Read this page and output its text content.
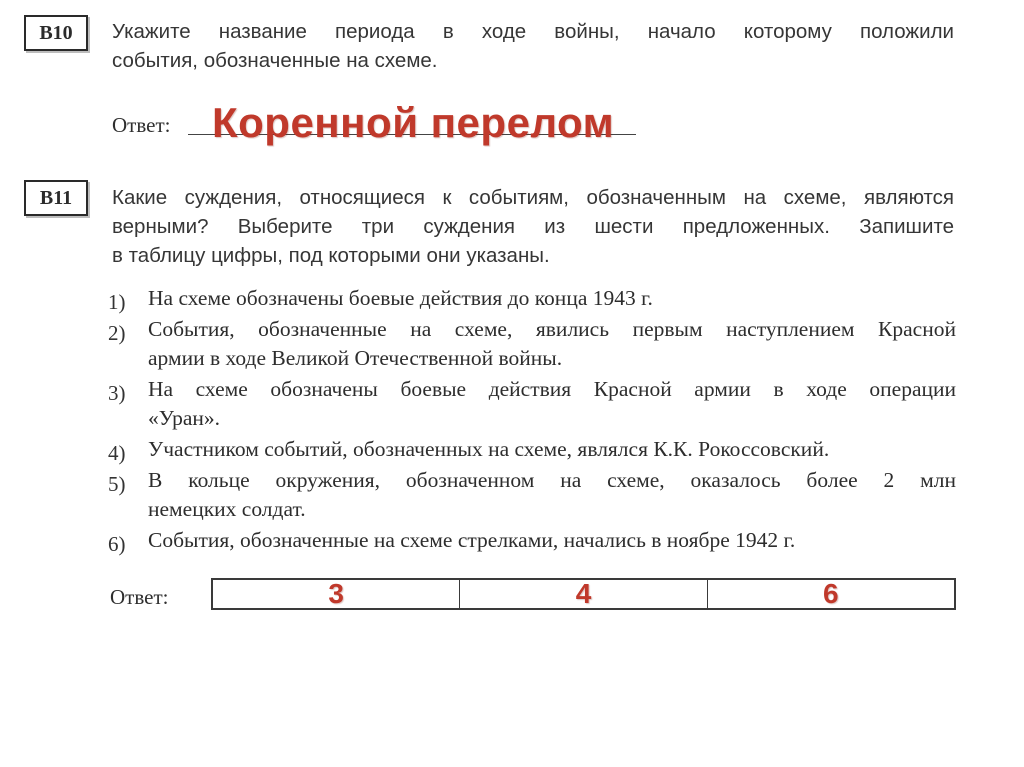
В10	Укажите название периода в ходе войны, начало которому положили
события, обозначенные на схеме.
Ответ: Коренной перелом
В11	Какие суждения, относящиеся к событиям, обозначенным на схеме, являются
верными? Выберите три суждения из шести предложенных. Запишите
в таблицу цифры, под которыми они указаны.
1)	На схеме обозначены боевые действия до конца 1943 г.
2)	События, обозначенные на схеме, явились первым наступлением Красной
армии в ходе Великой Отечественной войны.
3)	На схеме обозначены боевые действия Красной армии в ходе операции
«Уран».
4)	Участником событий, обозначенных на схеме, являлся К.К. Рокоссовский.
5)	В кольце окружения, обозначенном на схеме, оказалось более 2 млн
немецких солдат.
6)	События, обозначенные на схеме стрелками, начались в ноябре 1942 г.
Ответ:	3	4	6
